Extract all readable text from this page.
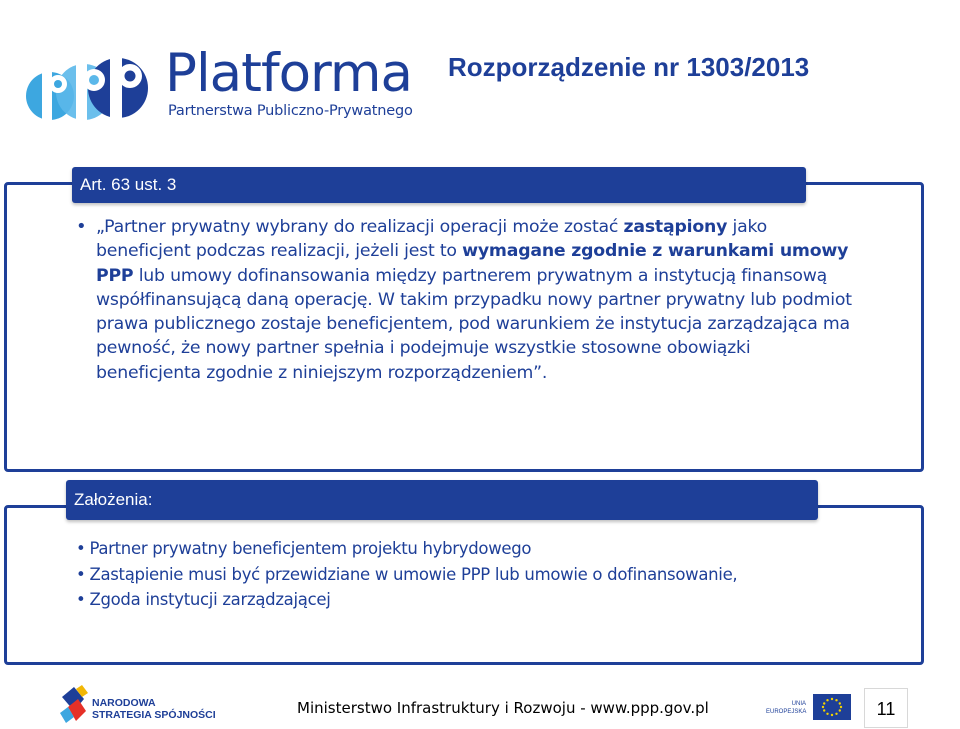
Platforma
Partnerstwa Publiczno-Prywatnego
Rozporządzenie nr 1303/2013
Art. 63 ust. 3
• „Partner prywatny wybrany do realizacji operacji może zostać zastąpiony jako beneficjent podczas realizacji, jeżeli jest to wymagane zgodnie z warunkami umowy PPP lub umowy dofinansowania między partnerem prywatnym a instytucją finansową współfinansującą daną operację. W takim przypadku nowy partner prywatny lub podmiot prawa publicznego zostaje beneficjentem, pod warunkiem że instytucja zarządzająca ma pewność, że nowy partner spełnia i podejmuje wszystkie stosowne obowiązki beneficjenta zgodnie z niniejszym rozporządzeniem”.
Założenia:
• Partner prywatny beneficjentem projektu hybrydowego
• Zastąpienie musi być przewidziane w umowie PPP lub umowie o dofinansowanie,
• Zgoda instytucji zarządzającej
NARODOWA
STRATEGIA SPÓJNOŚCI	Ministerstwo Infrastruktury i Rozwoju - www.ppp.gov.pl	UNIA
EUROPEJSKA	11
